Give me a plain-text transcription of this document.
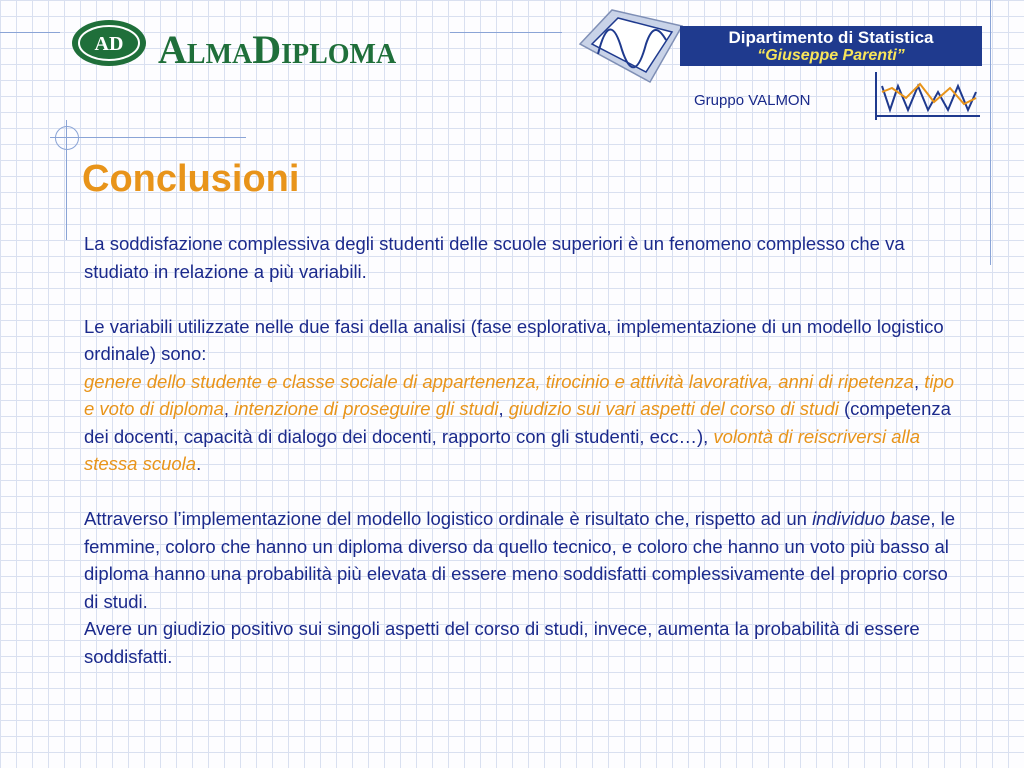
AD AlmaDiploma	Dipartimento di Statistica
“Giuseppe Parenti”
Gruppo VALMON
Conclusioni

La soddisfazione complessiva degli studenti delle scuole superiori è un fenomeno complesso che va studiato in relazione a più variabili.

Le variabili utilizzate nelle due fasi della analisi (fase esplorativa, implementazione di un modello logistico ordinale) sono:
genere dello studente e classe sociale di appartenenza, tirocinio e attività lavorativa, anni di ripetenza, tipo e voto di diploma, intenzione di proseguire gli studi, giudizio sui vari aspetti del corso di studi (competenza dei docenti, capacità di dialogo dei docenti, rapporto con gli studenti, ecc…), volontà di reiscriversi alla stessa scuola.

Attraverso l’implementazione del modello logistico ordinale è risultato che, rispetto ad un individuo base, le femmine, coloro che hanno un diploma diverso da quello tecnico, e coloro che hanno un voto più basso al diploma hanno una probabilità più elevata di essere meno soddisfatti complessivamente del proprio corso di studi.

Avere un giudizio positivo sui singoli aspetti del corso di studi, invece, aumenta la probabilità di essere soddisfatti.
